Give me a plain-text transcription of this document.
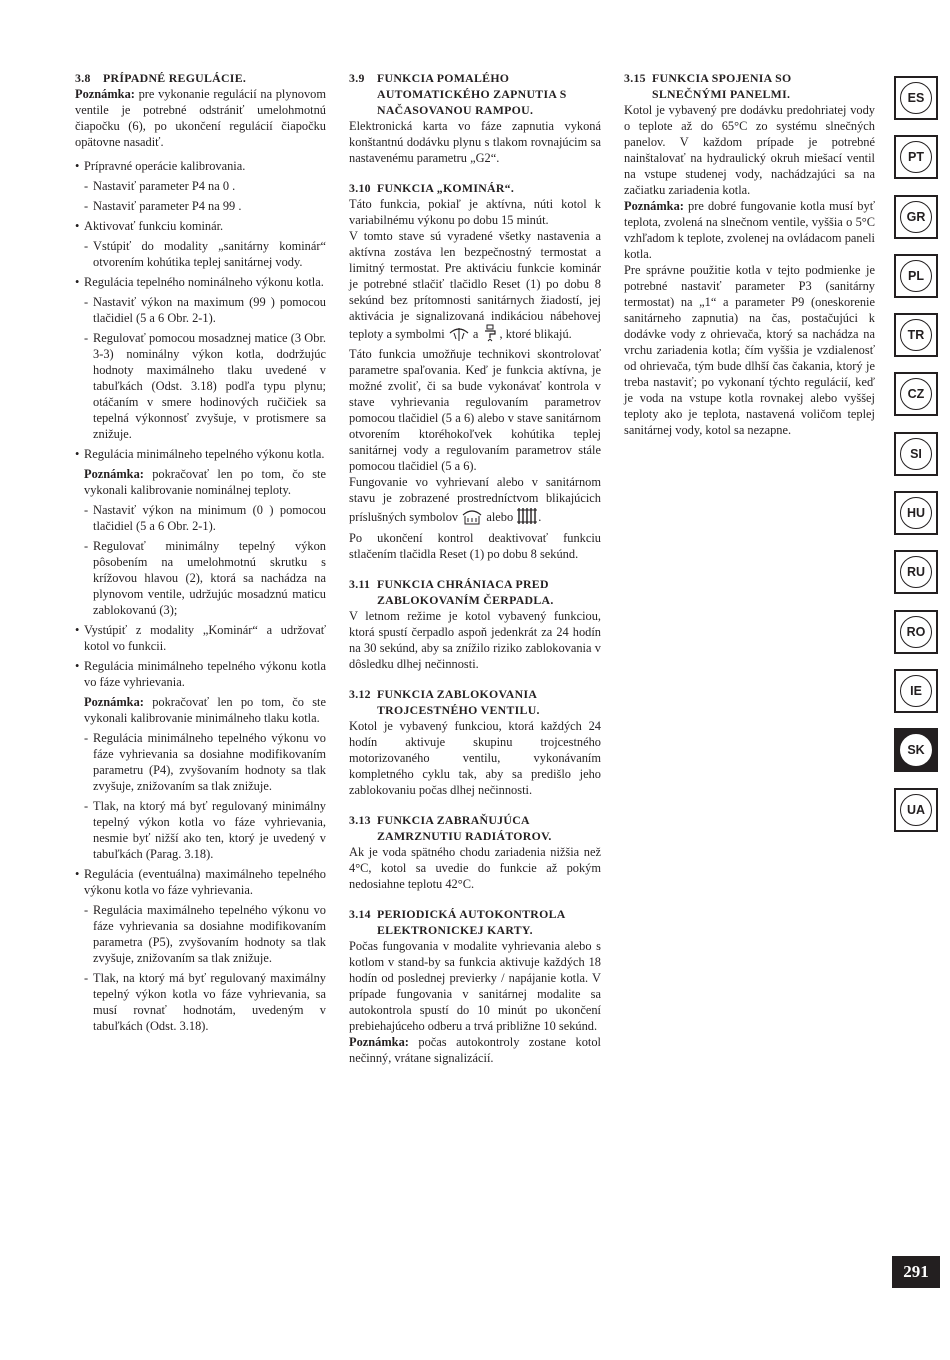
3.8 PRÍPADNÉ REGULÁCIE.

Poznámka: pre vykonanie regulácií na plynovom ventile je potrebné odstrániť umelohmotnú čiapočku (6), po ukončení regulácií čiapočku opätovne nasadiť.

• Prípravné operácie kalibrovania.
- Nastaviť parameter P4 na 0 .
- Nastaviť parameter P4 na 99 .
• Aktivovať funkciu kominár.
- Vstúpiť do modality „sanitárny kominár“ otvorením kohútika teplej sanitárnej vody.
• Regulácia tepelného nominálneho výkonu kotla.
- Nastaviť výkon na maximum (99 ) pomocou tlačidiel (5 a 6 Obr. 2-1).
- Regulovať pomocou mosadznej matice (3 Obr. 3-3) nominálny výkon kotla, dodržujúc hodnoty maximálneho tlaku uvedené v tabuľkách (Odst. 3.18) podľa typu plynu; otáčaním v smere hodinových ručičiek sa tepelná výkonnosť zvyšuje, v protismere sa znižuje.
• Regulácia minimálneho tepelného výkonu kotla.
Poznámka: pokračovať len po tom, čo ste vykonali kalibrovanie nominálnej teploty.
- Nastaviť výkon na minimum (0 ) pomocou tlačidiel (5 a 6 Obr. 2-1).
- Regulovať minimálny tepelný výkon pôsobením na umelohmotnú skrutku s krížovou hlavou (2), ktorá sa nachádza na plynovom ventile, udržujúc mosadznú maticu zablokovanú (3);
• Vystúpiť z modality „Kominár“ a udržovať kotol vo funkcii.
• Regulácia minimálneho tepelného výkonu kotla vo fáze vyhrievania.
Poznámka: pokračovať len po tom, čo ste vykonali kalibrovanie minimálneho tlaku kotla.
- Regulácia minimálneho tepelného výkonu vo fáze vyhrievania sa dosiahne modifikovaním parametru (P4), zvyšovaním hodnoty sa tlak zvyšuje, znižovaním sa tlak znižuje.
- Tlak, na ktorý má byť regulovaný minimálny tepelný výkon kotla vo fáze vyhrievania, nesmie byť nižší ako ten, ktorý je uvedený v tabuľkách (Parag. 3.18).
• Regulácia (eventuálna) maximálneho tepelného výkonu kotla vo fáze vyhrievania.
- Regulácia maximálneho tepelného výkonu vo fáze vyhrievania sa dosiahne modifikovaním parametra (P5), zvyšovaním hodnoty sa tlak zvyšuje, znižovaním sa tlak znižuje.
- Tlak, na ktorý má byť regulovaný maximálny tepelný výkon kotla vo fáze vyhrievania, sa musí rovnať hodnotám, uvedeným v tabuľkách (Odst. 3.18).
3.9 FUNKCIA POMALÉHO
AUTOMATICKÉHO ZAPNUTIA S
NAČASOVANOU RAMPOU.

Elektronická karta vo fáze zapnutia vykoná konštantnú dodávku plynu s tlakom rovnajúcim sa nastavenému parametru „G2“.

3.10 FUNKCIA „KOMINÁR“.

Táto funkcia, pokiaľ je aktívna, núti kotol k variabilnému výkonu po dobu 15 minút.

V tomto stave sú vyradené všetky nastavenia a aktívna zostáva len bezpečnostný termostat a limitný termostat. Pre aktiváciu funkcie kominár je potrebné stlačiť tlačidlo Reset (1) po dobu 8 sekúnd bez prítomnosti sanitárnych žiadostí, jej aktivácia je signalizovaná indikáciou nábehovej teploty a symbolmi a , ktoré blikajú.

Táto funkcia umožňuje technikovi skontrolovať parametre spaľovania. Keď je funkcia aktívna, je možné zvoliť, či sa bude vykonávať kontrola v stave vyhrievania regulovaním parametrov pomocou tlačidiel (5 a 6) alebo v stave sanitárnom otvorením ktoréhokoľvek kohútika teplej sanitárnej vody a regulovaním parametrov stále pomocou tlačidiel (5 a 6).

Fungovanie vo vyhrievaní alebo v sanitárnom stavu je zobrazené prostredníctvom blikajúcich príslušných symbolov alebo .

Po ukončení kontrol deaktivovať funkciu stlačením tlačidla Reset (1) po dobu 8 sekúnd.

3.11 FUNKCIA CHRÁNIACA PRED
ZABLOKOVANÍM ČERPADLA.

V letnom režime je kotol vybavený funkciou, ktorá spustí čerpadlo aspoň jedenkrát za 24 hodín na 30 sekúnd, aby sa znížilo riziko zablokovania v dôsledku dlhej nečinnosti.

3.12 FUNKCIA ZABLOKOVANIA
TROJCESTNÉHO VENTILU.

Kotol je vybavený funkciou, ktorá každých 24 hodín aktivuje skupinu trojcestného motorizovaného ventilu, vykonávaním kompletného cyklu tak, aby sa predišlo jeho zablokovaniu počas dlhej nečinnosti.

3.13 FUNKCIA ZABRAŇUJÚCA
ZAMRZNUTIU RADIÁTOROV.

Ak je voda spätného chodu zariadenia nižšia než 4°C, kotol sa uvedie do funkcie až pokým nedosiahne teplotu 42°C.

3.14 PERIODICKÁ AUTOKONTROLA
ELEKTRONICKEJ KARTY.

Počas fungovania v modalite vyhrievania alebo s kotlom v stand-by sa funkcia aktivuje každých 18 hodín od poslednej previerky / napájanie kotla. V prípade fungovania v sanitárnej modalite sa autokontrola spustí do 10 minút po ukončení prebiehajúceho odberu a trvá približne 10 sekúnd.

Poznámka: počas autokontroly zostane kotol nečinný, vrátane signalizácií.

3.15 FUNKCIA SPOJENIA SO
SLNEČNÝMI PANELMI.

Kotol je vybavený pre dodávku predohriatej vody o teplote až do 65°C zo systému slnečných panelov. V každom prípade je potrebné nainštalovať na hydraulický okruh miešací ventil na vstupe studenej vody, nachádzajúci sa na začiatku zariadenia kotla.

Poznámka: pre dobré fungovanie kotla musí byť teplota, zvolená na slnečnom ventile, vyššia o 5°C vzhľadom k teplote, zvolenej na ovládacom paneli kotla.

Pre správne použitie kotla v tejto podmienke je potrebné nastaviť parameter P3 (sanitárny termostat) na „1“ a parameter P9 (oneskorenie sanitárneho zapnutia) na čas, postačujúci k dodávke vody z ohrievača, ktorý sa nachádza na vrchu zariadenia kotla; čím vyššia je vzdialenosť od ohrievača, tým bude dlhší čas čakania, ktorý je treba nastaviť; po vykonaní týchto regulácií, keď je voda na vstupe kotla rovnakej alebo vyššej teploty ako je teplota, nastavená voličom teplej sanitárnej vody, kotol sa nezapne.

ES
PT
GR
PL
TR
CZ
SI
HU
RU
RO
IE
SK
UA
291
